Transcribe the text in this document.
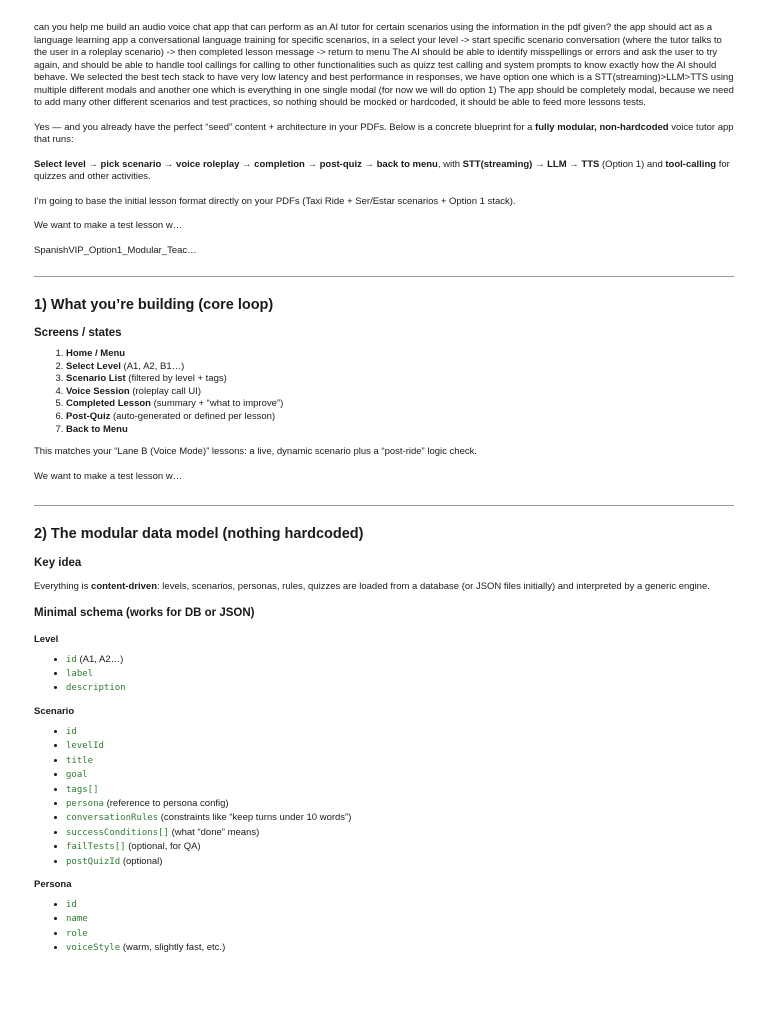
can you help me build an audio voice chat app that can perform as an AI tutor for certain scenarios using the information in the pdf given? the app should act as a language learning app a conversational language training for specific scenarios, in a select your level -> start specific scenario conversation (where the tutor talks to the user in a roleplay scenario) -> then completed lesson message -> return to menu The AI should be able to identify misspellings or errors and ask the user to try again, and should be able to handle tool callings for calling to other functionalities such as quizz test calling and system prompts to know exactly how the AI should behave. We selected the best tech stack to have very low latency and best performance in responses, we have option one which is a STT(streaming)>LLM>TTS using multiple different modals and another one which is everything in one single modal (for now we will do option 1) The app should be completely modal, because we need to add many other different scenarios and test practices, so nothing should be mocked or hardcoded, it should be able to feed more lessons tests.

Yes — and you already have the perfect “seed” content + architecture in your PDFs. Below is a concrete blueprint for a fully modular, non-hardcoded voice tutor app that runs:

Select level → pick scenario → voice roleplay → completion → post-quiz → back to menu, with STT(streaming) → LLM → TTS (Option 1) and tool-calling for quizzes and other activities.

I’m going to base the initial lesson format directly on your PDFs (Taxi Ride + Ser/Estar scenarios + Option 1 stack).

We want to make a test lesson w…

SpanishVIP_Option1_Modular_Teac…

1) What you’re building (core loop)
Screens / states
1. Home / Menu
2. Select Level (A1, A2, B1…)
3. Scenario List (filtered by level + tags)
4. Voice Session (roleplay call UI)
5. Completed Lesson (summary + “what to improve”)
6. Post-Quiz (auto-generated or defined per lesson)
7. Back to Menu

This matches your “Lane B (Voice Mode)” lessons: a live, dynamic scenario plus a “post-ride” logic check.

We want to make a test lesson w…

2) The modular data model (nothing hardcoded)
Key idea

Everything is content-driven: levels, scenarios, personas, rules, quizzes are loaded from a database (or JSON files initially) and interpreted by a generic engine.

Minimal schema (works for DB or JSON)
Level
• id (A1, A2…)
• label
• description
Scenario
• id
• levelId
• title
• goal
• tags[]
• persona (reference to persona config)
• conversationRules (constraints like “keep turns under 10 words”)
• successConditions[] (what “done” means)
• failTests[] (optional, for QA)
• postQuizId (optional)
Persona
• id
• name
• role
• voiceStyle (warm, slightly fast, etc.)
